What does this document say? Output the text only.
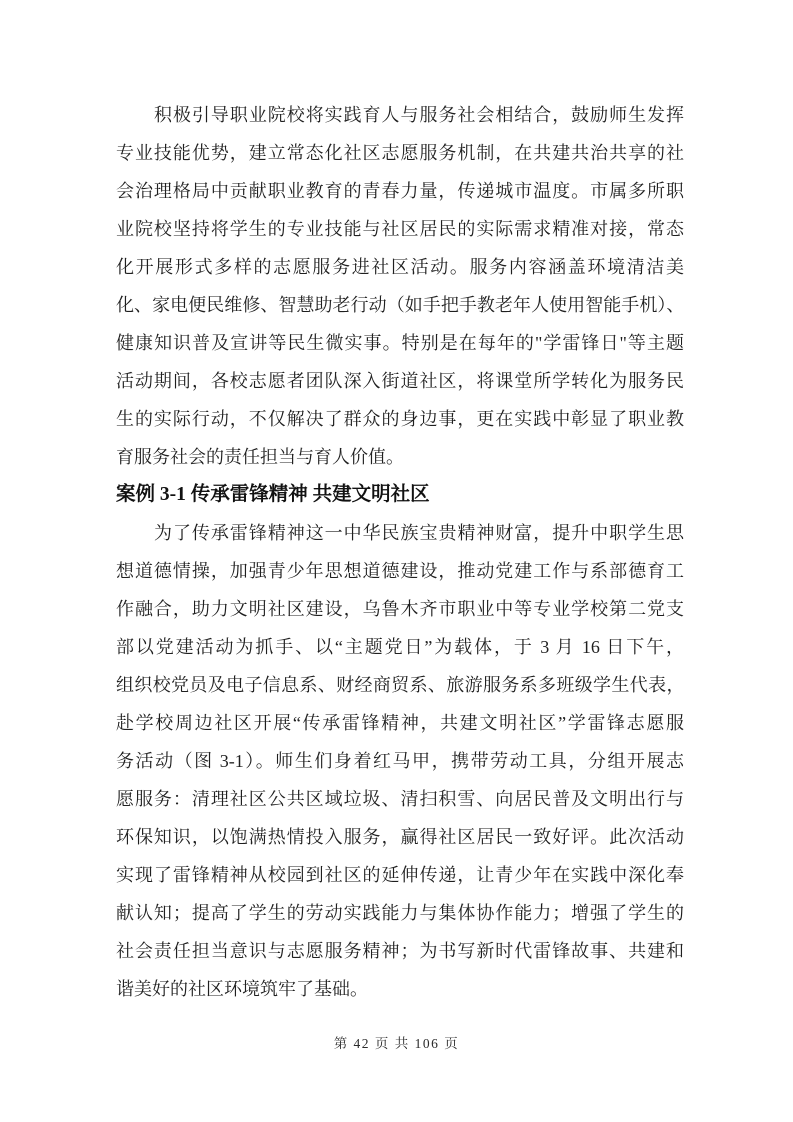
积极引导职业院校将实践育人与服务社会相结合，鼓励师生发挥
专业技能优势，建立常态化社区志愿服务机制，在共建共治共享的社
会治理格局中贡献职业教育的青春力量，传递城市温度。市属多所职
业院校坚持将学生的专业技能与社区居民的实际需求精准对接，常态
化开展形式多样的志愿服务进社区活动。服务内容涵盖环境清洁美
化、家电便民维修、智慧助老行动（如手把手教老年人使用智能手机）、
健康知识普及宣讲等民生微实事。特别是在每年的"学雷锋日"等主题
活动期间，各校志愿者团队深入街道社区，将课堂所学转化为服务民
生的实际行动，不仅解决了群众的身边事，更在实践中彰显了职业教
育服务社会的责任担当与育人价值。
案例 3-1 传承雷锋精神 共建文明社区
为了传承雷锋精神这一中华民族宝贵精神财富，提升中职学生思
想道德情操，加强青少年思想道德建设，推动党建工作与系部德育工
作融合，助力文明社区建设，乌鲁木齐市职业中等专业学校第二党支
部以党建活动为抓手、以“主题党日”为载体，于 3 月 16 日下午，
组织校党员及电子信息系、财经商贸系、旅游服务系多班级学生代表，
赴学校周边社区开展“传承雷锋精神，共建文明社区”学雷锋志愿服
务活动（图 3-1）。师生们身着红马甲，携带劳动工具，分组开展志
愿服务：清理社区公共区域垃圾、清扫积雪、向居民普及文明出行与
环保知识，以饱满热情投入服务，赢得社区居民一致好评。此次活动
实现了雷锋精神从校园到社区的延伸传递，让青少年在实践中深化奉
献认知；提高了学生的劳动实践能力与集体协作能力；增强了学生的
社会责任担当意识与志愿服务精神；为书写新时代雷锋故事、共建和
谐美好的社区环境筑牢了基础。
第 42 页 共 106 页
